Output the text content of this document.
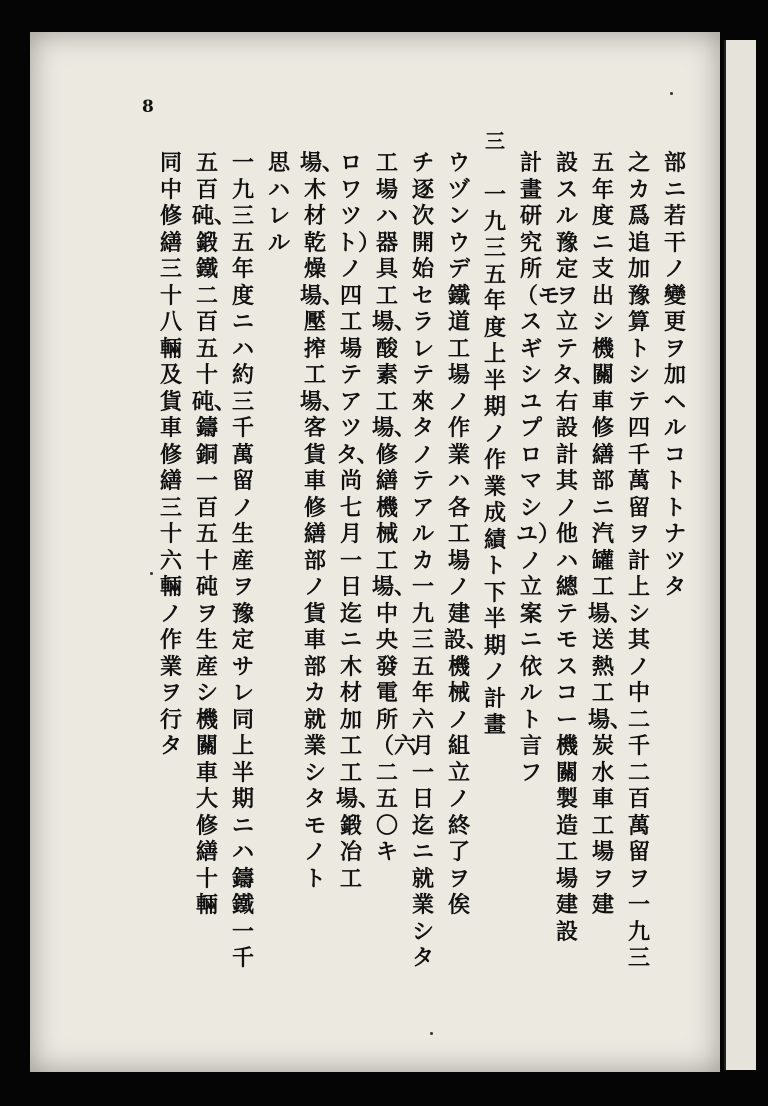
8
部ニ若干ノ變更ヲ加ヘルコトトナツタ
之カ爲追加豫算トシテ四千萬留ヲ計上シ其ノ中二千二百萬留ヲ一九三
五年度ニ支出シ機關車修繕部ニ汽罐工場、送熱工場、炭水車工場ヲ建
設スル豫定ヲ立テタ、右設計其ノ他ハ總テモスコー機關製造工場建設
計畫研究所（モスギシユプロマシユ）ノ立案ニ依ルト言フ
三
一九三五年度上半期ノ作業成績ト下半期ノ計畫
ウヅン　ウデ鐵道工場ノ作業ハ各工場ノ建設、機械ノ組立ノ終了ヲ俟
チ逐次開始セラレテ來タノテアルカ一九三五年六月一日迄ニ就業シタ
工場ハ器具工場、酸素工場、修繕機械工場、中央發電所（六二五〇キ
ロワツト）ノ四工場テアツタ、尚七月一日迄ニ木材加工工場、鍛冶工
場、木材乾燥場、壓搾工場、客貨車修繕部ノ貨車部カ就業シタモノト
思ハレル
一九三五年度ニハ約三千萬留ノ生産ヲ豫定サレ同上半期ニハ鑄鐵一千
五百砘、鍛鐵二百五十砘、鑄銅一百五十砘ヲ生産シ機關車大修繕十輛
同中修繕三十八輛及貨車修繕三十六輛ノ作業ヲ行タ
